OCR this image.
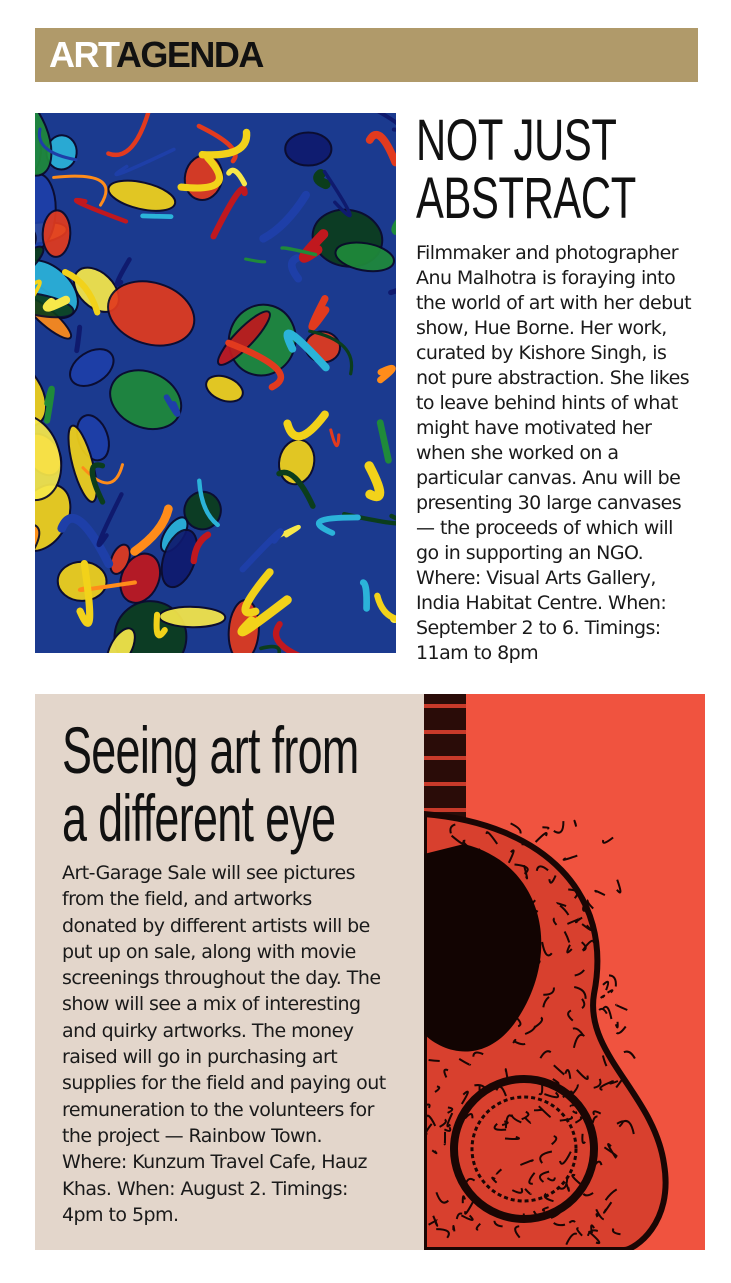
ARTAGENDA
NOT JUST
ABSTRACT
Filmmaker and photographer
Anu Malhotra is foraying into
the world of art with her debut
show, Hue Borne. Her work,
curated by Kishore Singh, is
not pure abstraction. She likes
to leave behind hints of what
might have motivated her
when she worked on a
particular canvas. Anu will be
presenting 30 large canvases
— the proceeds of which will
go in supporting an NGO.
Where: Visual Arts Gallery,
India Habitat Centre. When:
September 2 to 6. Timings:
11am to 8pm
Seeing art from
a different eye
Art-Garage Sale will see pictures
from the field, and artworks
donated by different artists will be
put up on sale, along with movie
screenings throughout the day. The
show will see a mix of interesting
and quirky artworks. The money
raised will go in purchasing art
supplies for the field and paying out
remuneration to the volunteers for
the project — Rainbow Town.
Where: Kunzum Travel Cafe, Hauz
Khas. When: August 2. Timings:
4pm to 5pm.
